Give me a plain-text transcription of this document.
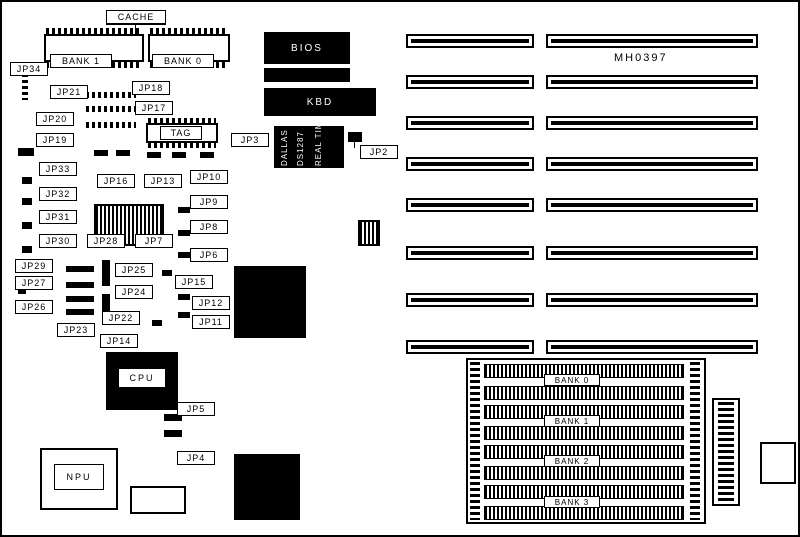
CACHE
BANK 1	BANK 0
BIOS
KBD
TAG	DALLAS DS1287 REAL TIME
CPU
NPU
MH0397
BANK 0
BANK 1
BANK 2
BANK 3
JP34
JP21	JP18
JP17
JP20
JP19	JP3
JP2
JP33
JP32
JP16	JP13	JP10
JP9
JP31
JP8
JP30	JP28	JP7
JP6
JP29	JP25
JP15
JP27
JP24
JP26	JP12
JP22	JP11
JP23
JP14
JP5
JP4
